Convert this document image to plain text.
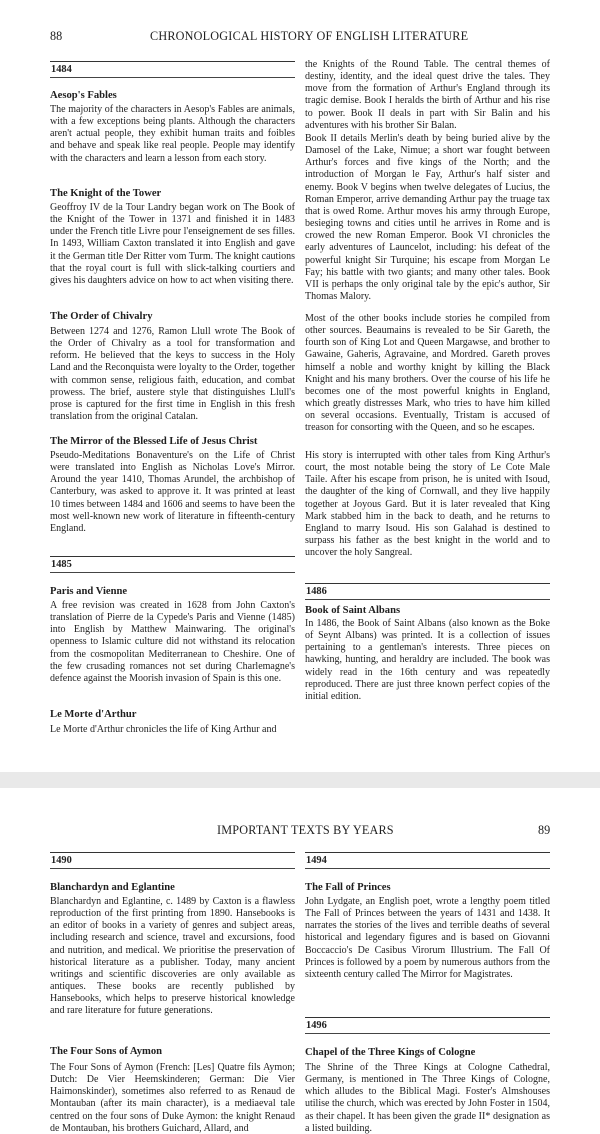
88	CHRONOLOGICAL HISTORY OF ENGLISH LITERATURE
1484
Aesop's Fables

The majority of the characters in Aesop's Fables are animals, with a few exceptions being plants. Although the characters aren't actual people, they exhibit human traits and foibles and behave and speak like real people. People may identify with the characters and learn a lesson from each story.

The Knight of the Tower

Geoffroy IV de la Tour Landry began work on The Book of the Knight of the Tower in 1371 and finished it in 1483 under the French title Livre pour l'enseignement de ses filles. In 1493, William Caxton translated it into English and gave it the German title Der Ritter vom Turm. The knight cautions that the royal court is full with slick-talking courtiers and gives his daughters advice on how to act when visiting there.

The Order of Chivalry

Between 1274 and 1276, Ramon Llull wrote The Book of the Order of Chivalry as a tool for transformation and reform. He believed that the keys to success in the Holy Land and the Reconquista were loyalty to the Order, together with common sense, religious faith, education, and combat prowess. The brief, austere style that distinguishes Llull's prose is captured for the first time in English in this fresh translation from the original Catalan.

The Mirror of the Blessed Life of Jesus Christ

Pseudo-Meditations Bonaventure's on the Life of Christ were translated into English as Nicholas Love's Mirror. Around the year 1410, Thomas Arundel, the archbishop of Canterbury, was asked to approve it. It was printed at least 10 times between 1484 and 1606 and seems to have been the most well-known new work of literature in fifteenth-century England.

1485
Paris and Vienne

A free revision was created in 1628 from John Caxton's translation of Pierre de la Cypede's Paris and Vienne (1485) into English by Matthew Mainwaring. The original's openness to Islamic culture did not withstand its relocation from the cosmopolitan Mediterranean to Cheshire. One of the few crusading romances not set during Charlemagne's defence against the Moorish invasion of Spain is this one.

Le Morte d'Arthur

Le Morte d'Arthur chronicles the life of King Arthur and

the Knights of the Round Table. The central themes of destiny, identity, and the ideal quest drive the tales. They move from the formation of Arthur's England through its tragic demise. Book I heralds the birth of Arthur and his rise to power. Book II deals in part with Sir Balin and his adventures with his brother Sir Balan.

Book II details Merlin's death by being buried alive by the Damosel of the Lake, Nimue; a short war fought between Arthur's forces and five kings of the North; and the introduction of Morgan le Fay, Arthur's half sister and enemy. Book V begins when twelve delegates of Lucius, the Roman Emperor, arrive demanding Arthur pay the truage tax that is owed Rome. Arthur moves his army through Europe, besieging towns and cities until he arrives in Rome and is crowed the new Roman Emperor. Book VI chronicles the early adventures of Launcelot, including: his defeat of the powerful knight Sir Turquine; his escape from Morgan Le Fay; his battle with two giants; and many other tales. Book VII is perhaps the only original tale by the epic's author, Sir Thomas Malory.

Most of the other books include stories he compiled from other sources. Beaumains is revealed to be Sir Gareth, the fourth son of King Lot and Queen Margawse, and brother to Gawaine, Gaheris, Agravaine, and Mordred. Gareth proves himself a noble and worthy knight by killing the Black Knight and his many brothers. Over the course of his life he becomes one of the most powerful knights in England, which greatly distresses Mark, who tries to have him killed on several occasions. Eventually, Tristam is accused of treason for consorting with the Queen, and so he escapes.

His story is interrupted with other tales from King Arthur's court, the most notable being the story of Le Cote Male Taile. After his escape from prison, he is united with Isoud, the daughter of the king of Cornwall, and they live happily together at Joyous Gard. But it is later revealed that King Mark stabbed him in the back to death, and he returns to England to marry Isoud. His son Galahad is destined to surpass his father as the best knight in the world and to uncover the holy Sangreal.

1486
Book of Saint Albans

In 1486, the Book of Saint Albans (also known as the Boke of Seynt Albans) was printed. It is a collection of issues pertaining to a gentleman's interests. Three pieces on hawking, hunting, and heraldry are included. The book was widely read in the 16th century and was repeatedly reproduced. There are just three known perfect copies of the initial edition.

IMPORTANT TEXTS BY YEARS	89
1490
Blanchardyn and Eglantine

Blanchardyn and Eglantine, c. 1489 by Caxton is a flawless reproduction of the first printing from 1890. Hansebooks is an editor of books in a variety of genres and subject areas, including research and science, travel and excursions, food and nutrition, and medical. We prioritise the preservation of historical literature as a publisher. Today, many ancient writings and scientific discoveries are only available as antiques. These books are recently published by Hansebooks, which helps to preserve historical knowledge and rare literature for future generations.

The Four Sons of Aymon

The Four Sons of Aymon (French: [Les] Quatre fils Aymon; Dutch: De Vier Heemskinderen; German: Die Vier Haimonskinder), sometimes also referred to as Renaud de Montauban (after its main character), is a mediaeval tale centred on the four sons of Duke Aymon: the knight Renaud de Montauban, his brothers Guichard, Allard, and

1494
The Fall of Princes

John Lydgate, an English poet, wrote a lengthy poem titled The Fall of Princes between the years of 1431 and 1438. It narrates the stories of the lives and terrible deaths of several historical and legendary figures and is based on Giovanni Boccaccio's De Casibus Virorum Illustrium. The Fall Of Princes is followed by a poem by numerous authors from the sixteenth century called The Mirror for Magistrates.

1496
Chapel of the Three Kings of Cologne

The Shrine of the Three Kings at Cologne Cathedral, Germany, is mentioned in The Three Kings of Cologne, which alludes to the Biblical Magi. Foster's Almshouses utilise the church, which was erected by John Foster in 1504, as their chapel. It has been given the grade II* designation as a listed building.
